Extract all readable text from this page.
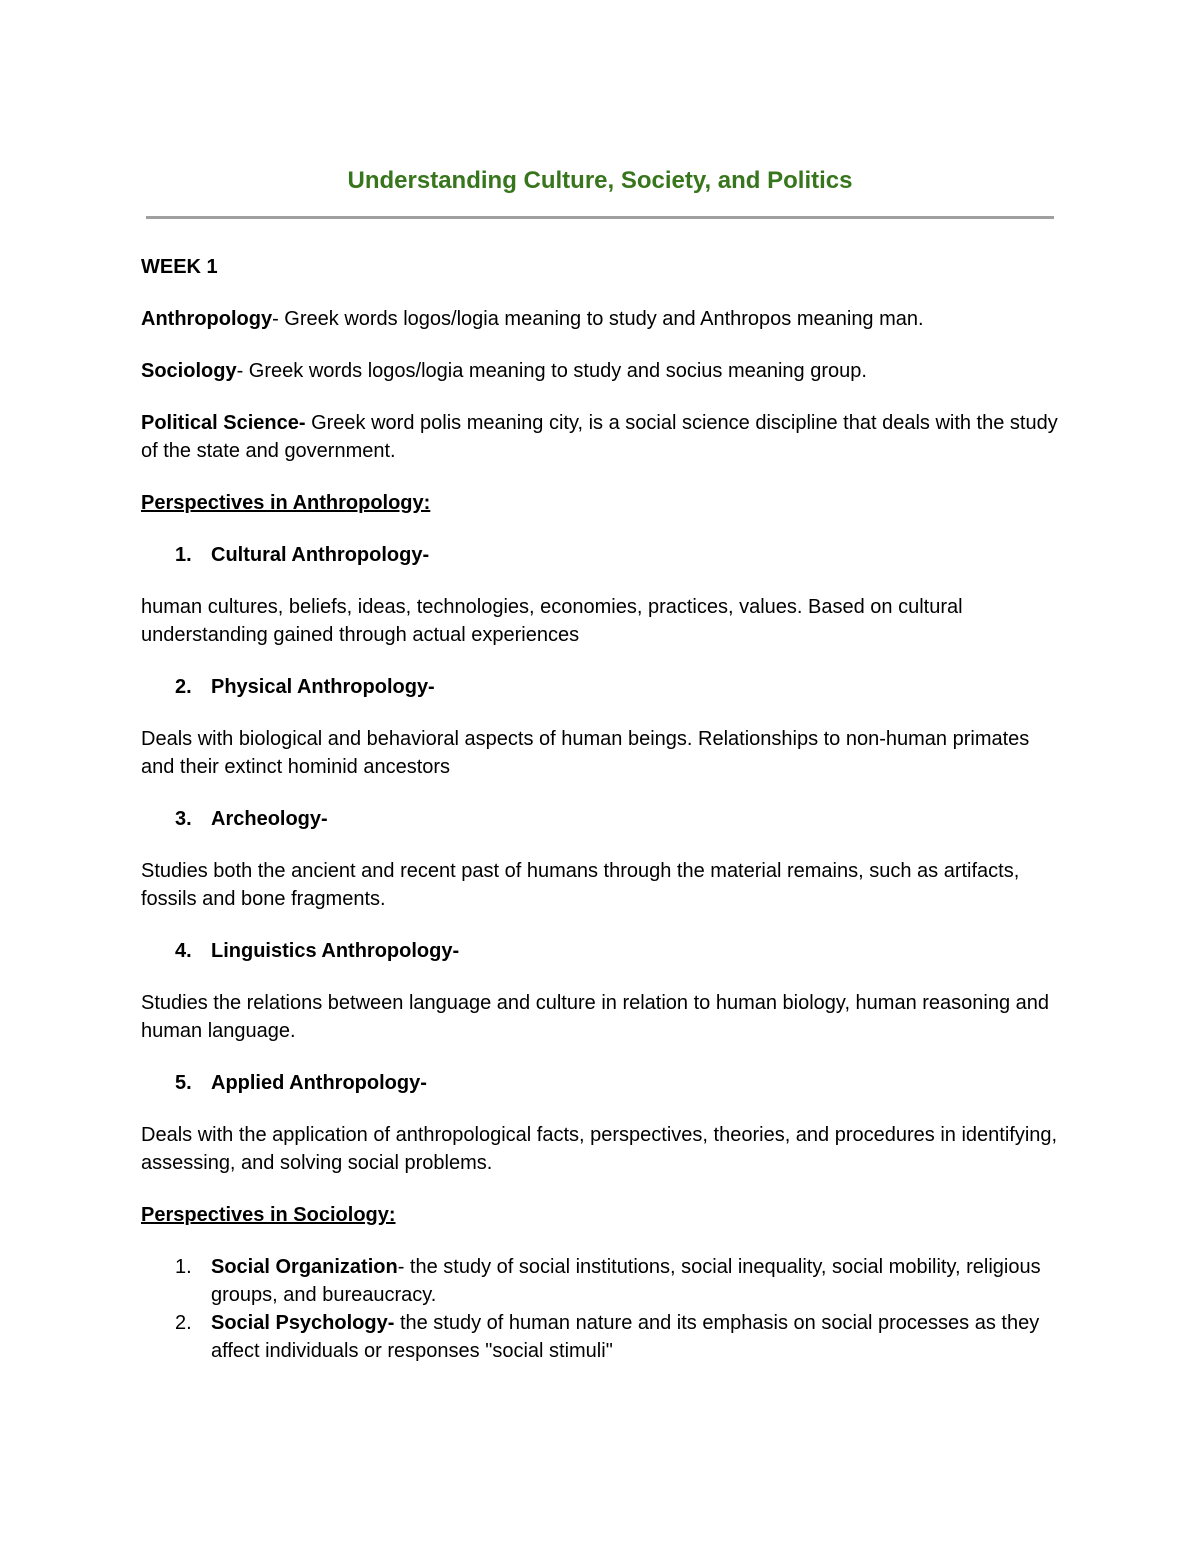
Understanding Culture, Society, and Politics

WEEK 1

Anthropology- Greek words logos/logia meaning to study and Anthropos meaning man.

Sociology- Greek words logos/logia meaning to study and socius meaning group.

Political Science- Greek word polis meaning city, is a social science discipline that deals with the study of the state and government.

Perspectives in Anthropology:

1. Cultural Anthropology-

human cultures, beliefs, ideas, technologies, economies, practices, values. Based on cultural understanding gained through actual experiences

2. Physical Anthropology-

Deals with biological and behavioral aspects of human beings. Relationships to non-human primates and their extinct hominid ancestors

3. Archeology-

Studies both the ancient and recent past of humans through the material remains, such as artifacts, fossils and bone fragments.

4. Linguistics Anthropology-

Studies the relations between language and culture in relation to human biology, human reasoning and human language.

5. Applied Anthropology-

Deals with the application of anthropological facts, perspectives, theories, and procedures in identifying, assessing, and solving social problems.

Perspectives in Sociology:

1. Social Organization- the study of social institutions, social inequality, social mobility, religious groups, and bureaucracy.
2. Social Psychology- the study of human nature and its emphasis on social processes as they affect individuals or responses "social stimuli"
